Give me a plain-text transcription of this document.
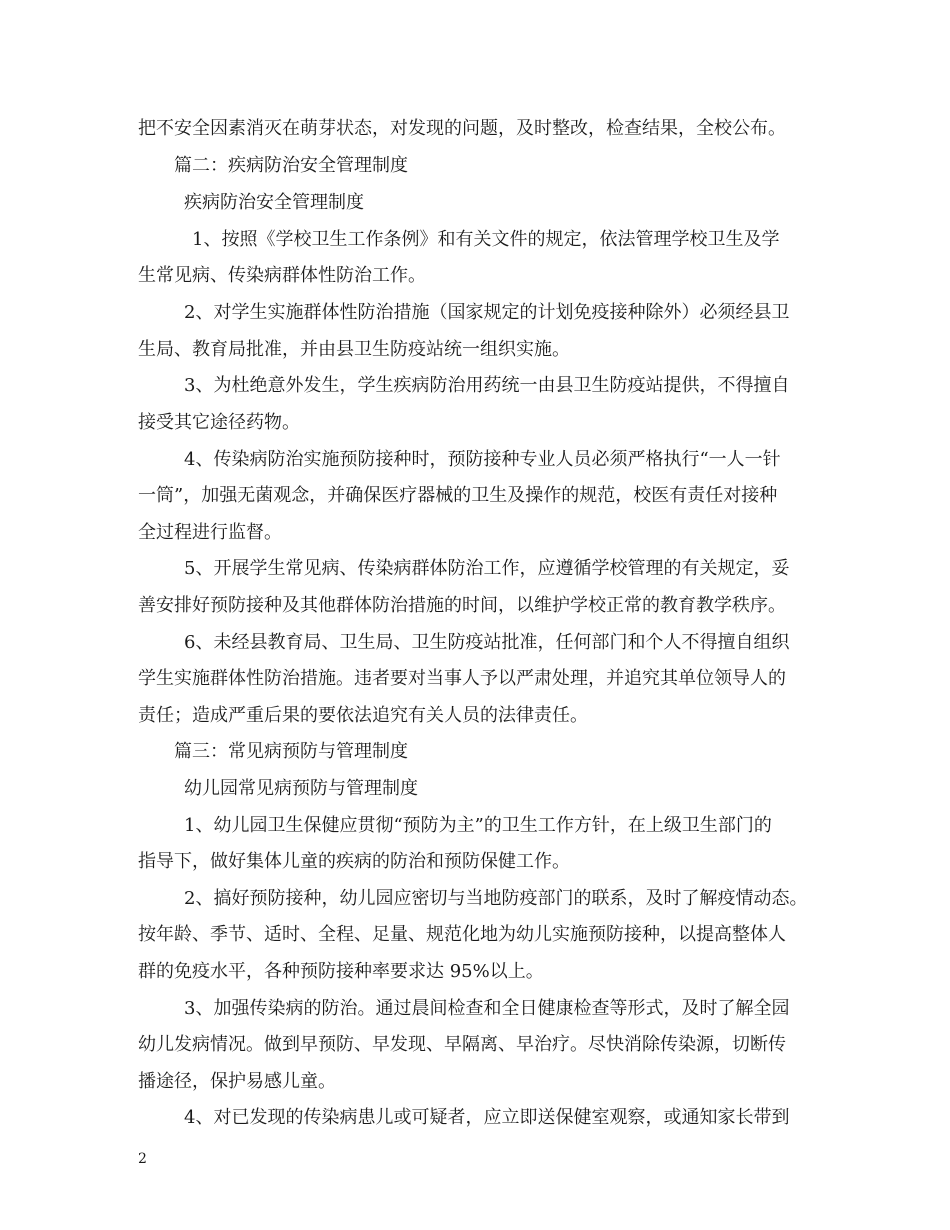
把不安全因素消灭在萌芽状态，对发现的问题，及时整改，检查结果，全校公布。
篇二：疾病防治安全管理制度
疾病防治安全管理制度
1、按照《学校卫生工作条例》和有关文件的规定，依法管理学校卫生及学
生常见病、传染病群体性防治工作。
2、对学生实施群体性防治措施（国家规定的计划免疫接种除外）必须经县卫
生局、教育局批准，并由县卫生防疫站统一组织实施。
3、为杜绝意外发生，学生疾病防治用药统一由县卫生防疫站提供，不得擅自
接受其它途径药物。
4、传染病防治实施预防接种时，预防接种专业人员必须严格执行“一人一针
一筒”，加强无菌观念，并确保医疗器械的卫生及操作的规范，校医有责任对接种
全过程进行监督。
5、开展学生常见病、传染病群体防治工作，应遵循学校管理的有关规定，妥
善安排好预防接种及其他群体防治措施的时间，以维护学校正常的教育教学秩序。
6、未经县教育局、卫生局、卫生防疫站批准，任何部门和个人不得擅自组织
学生实施群体性防治措施。违者要对当事人予以严肃处理，并追究其单位领导人的
责任；造成严重后果的要依法追究有关人员的法律责任。
篇三：常见病预防与管理制度
幼儿园常见病预防与管理制度
1、幼儿园卫生保健应贯彻“预防为主”的卫生工作方针，在上级卫生部门的
指导下，做好集体儿童的疾病的防治和预防保健工作。
2、搞好预防接种，幼儿园应密切与当地防疫部门的联系，及时了解疫情动态。
按年龄、季节、适时、全程、足量、规范化地为幼儿实施预防接种，以提高整体人
群的免疫水平，各种预防接种率要求达 95%以上。
3、加强传染病的防治。通过晨间检查和全日健康检查等形式，及时了解全园
幼儿发病情况。做到早预防、早发现、早隔离、早治疗。尽快消除传染源，切断传
播途径，保护易感儿童。
4、对已发现的传染病患儿或可疑者，应立即送保健室观察，或通知家长带到
2
